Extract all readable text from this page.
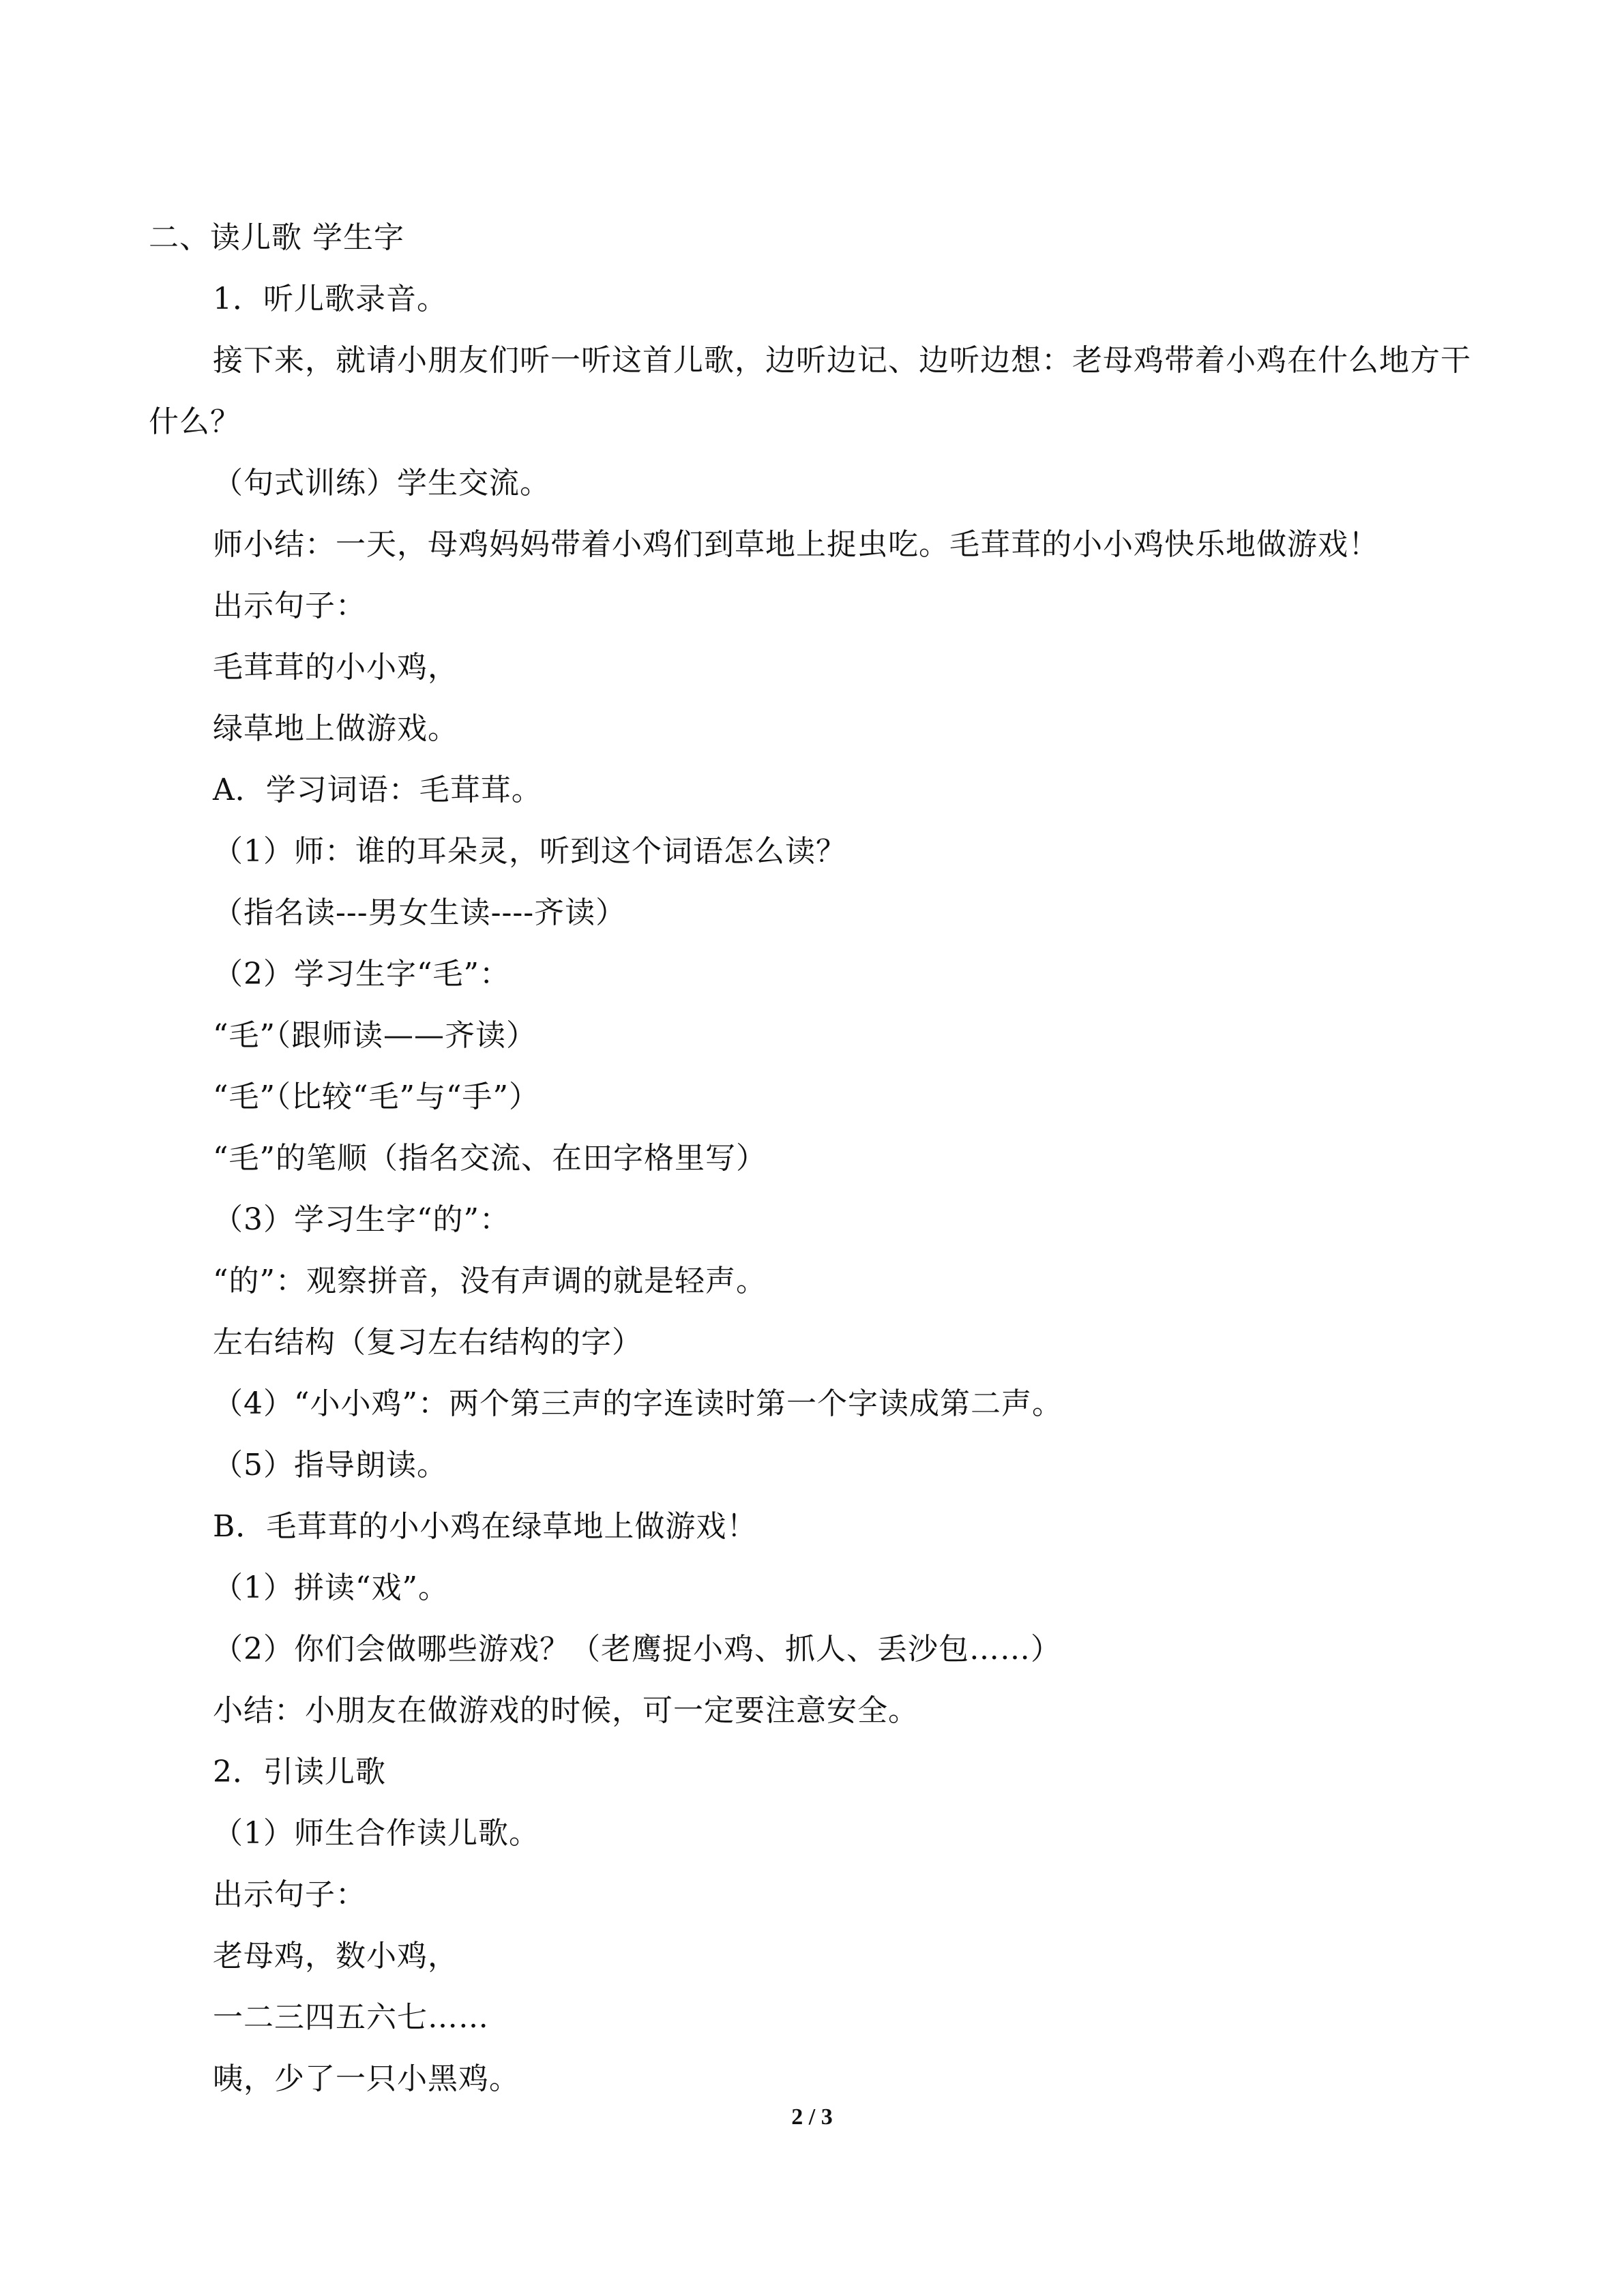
二、读儿歌 学生字
1．听儿歌录音。
接下来，就请小朋友们听一听这首儿歌，边听边记、边听边想：老母鸡带着小鸡在什么地方干什么？
（句式训练）学生交流。
师小结：一天，母鸡妈妈带着小鸡们到草地上捉虫吃。毛茸茸的小小鸡快乐地做游戏！
出示句子：
毛茸茸的小小鸡，
绿草地上做游戏。
A．学习词语：毛茸茸。
（1）师：谁的耳朵灵，听到这个词语怎么读？
（指名读---男女生读----齐读）
（2）学习生字“毛”：
“毛”（跟师读——齐读）
“毛”（比较“毛”与“手”）
“毛”的笔顺（指名交流、在田字格里写）
（3）学习生字“的”：
“的”：观察拼音，没有声调的就是轻声。
左右结构（复习左右结构的字）
（4）“小小鸡”：两个第三声的字连读时第一个字读成第二声。
（5）指导朗读。
B．毛茸茸的小小鸡在绿草地上做游戏！
（1）拼读“戏”。
（2）你们会做哪些游戏？（老鹰捉小鸡、抓人、丢沙包……）
小结：小朋友在做游戏的时候，可一定要注意安全。
2．引读儿歌
（1）师生合作读儿歌。
出示句子：
老母鸡，数小鸡，
一二三四五六七……
咦，少了一只小黑鸡。
2 / 3
